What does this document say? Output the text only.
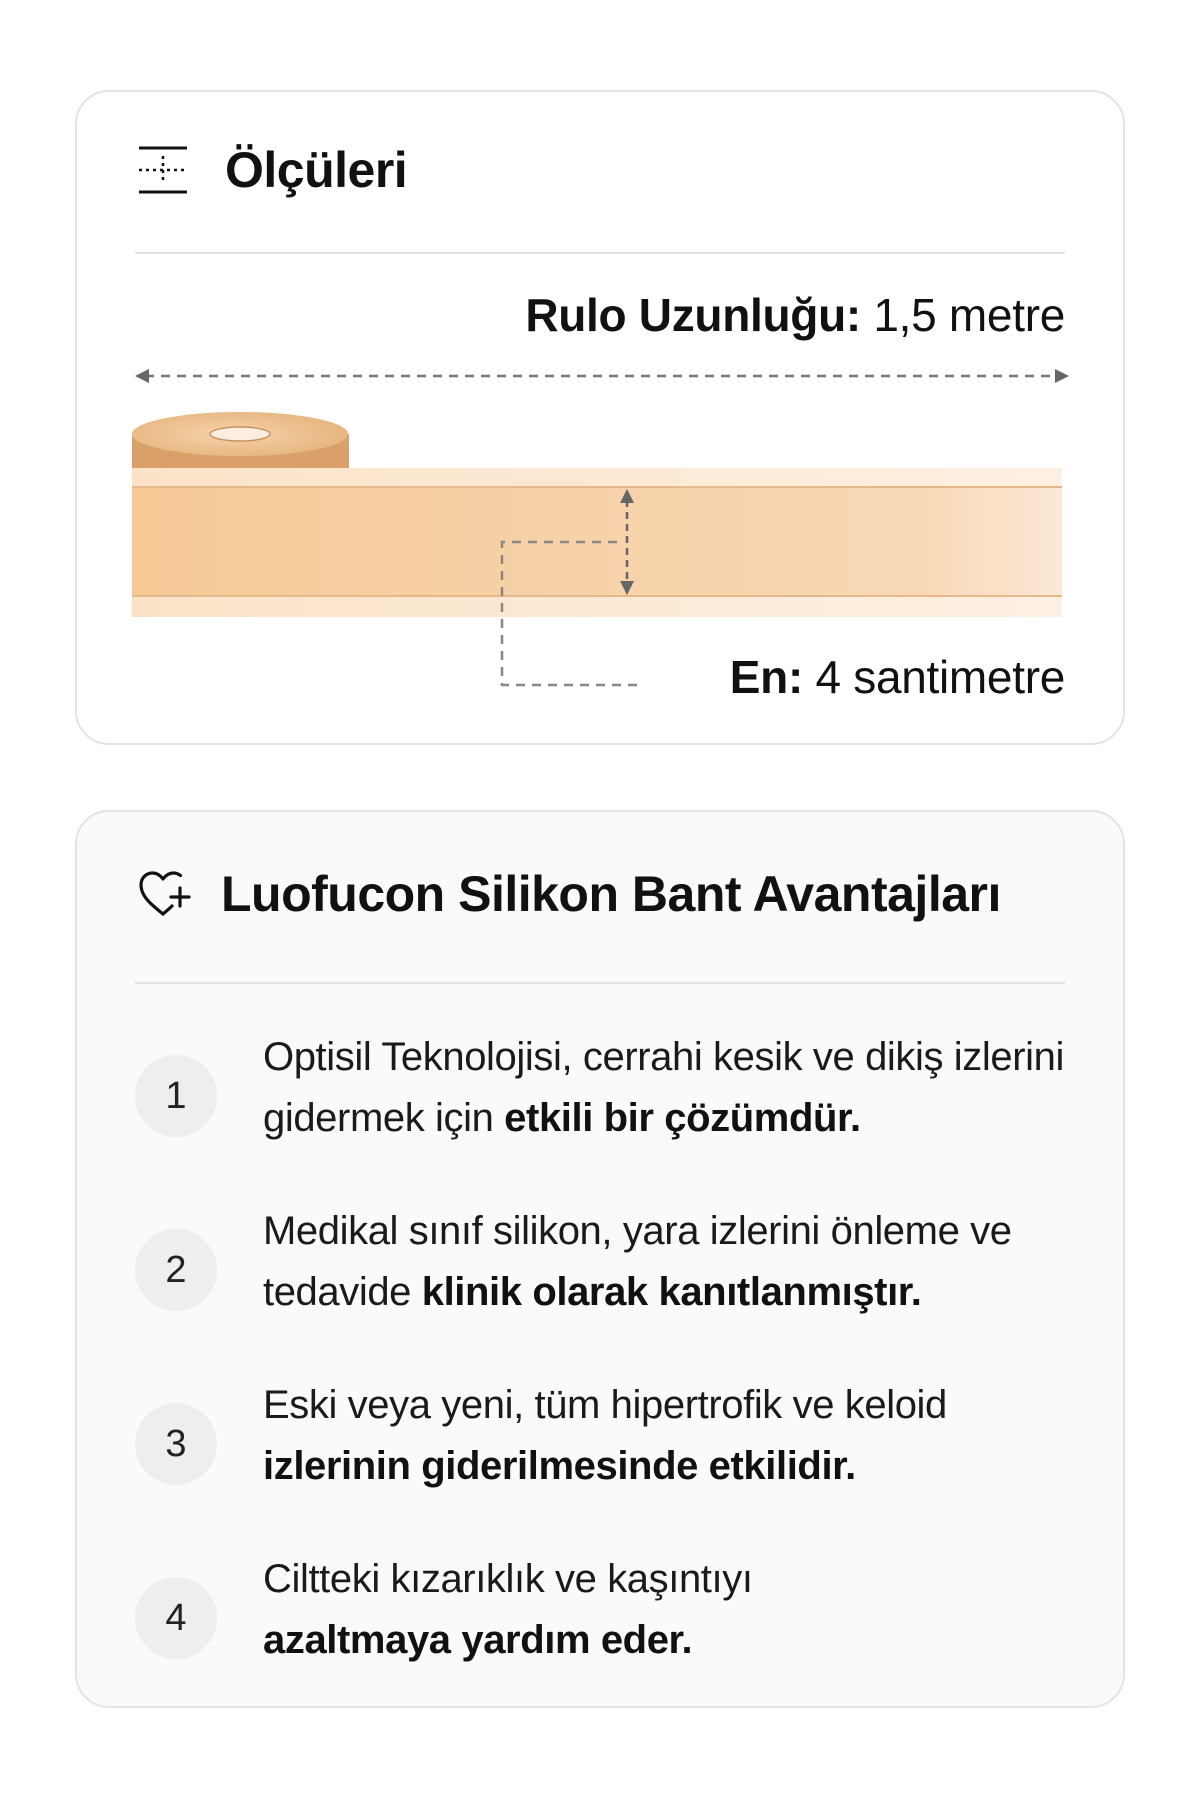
Ölçüleri
Rulo Uzunluğu: 1,5 metre
En: 4 santimetre
Luofucon Silikon Bant Avantajları
1

Optisil Teknolojisi, cerrahi kesik ve dikiş izlerini gidermek için etkili bir çözümdür.

2

Medikal sınıf silikon, yara izlerini önleme ve tedavide klinik olarak kanıtlanmıştır.

3

Eski veya yeni, tüm hipertrofik ve keloid
izlerinin giderilmesinde etkilidir.

4

Ciltteki kızarıklık ve kaşıntıyı
azaltmaya yardım eder.
